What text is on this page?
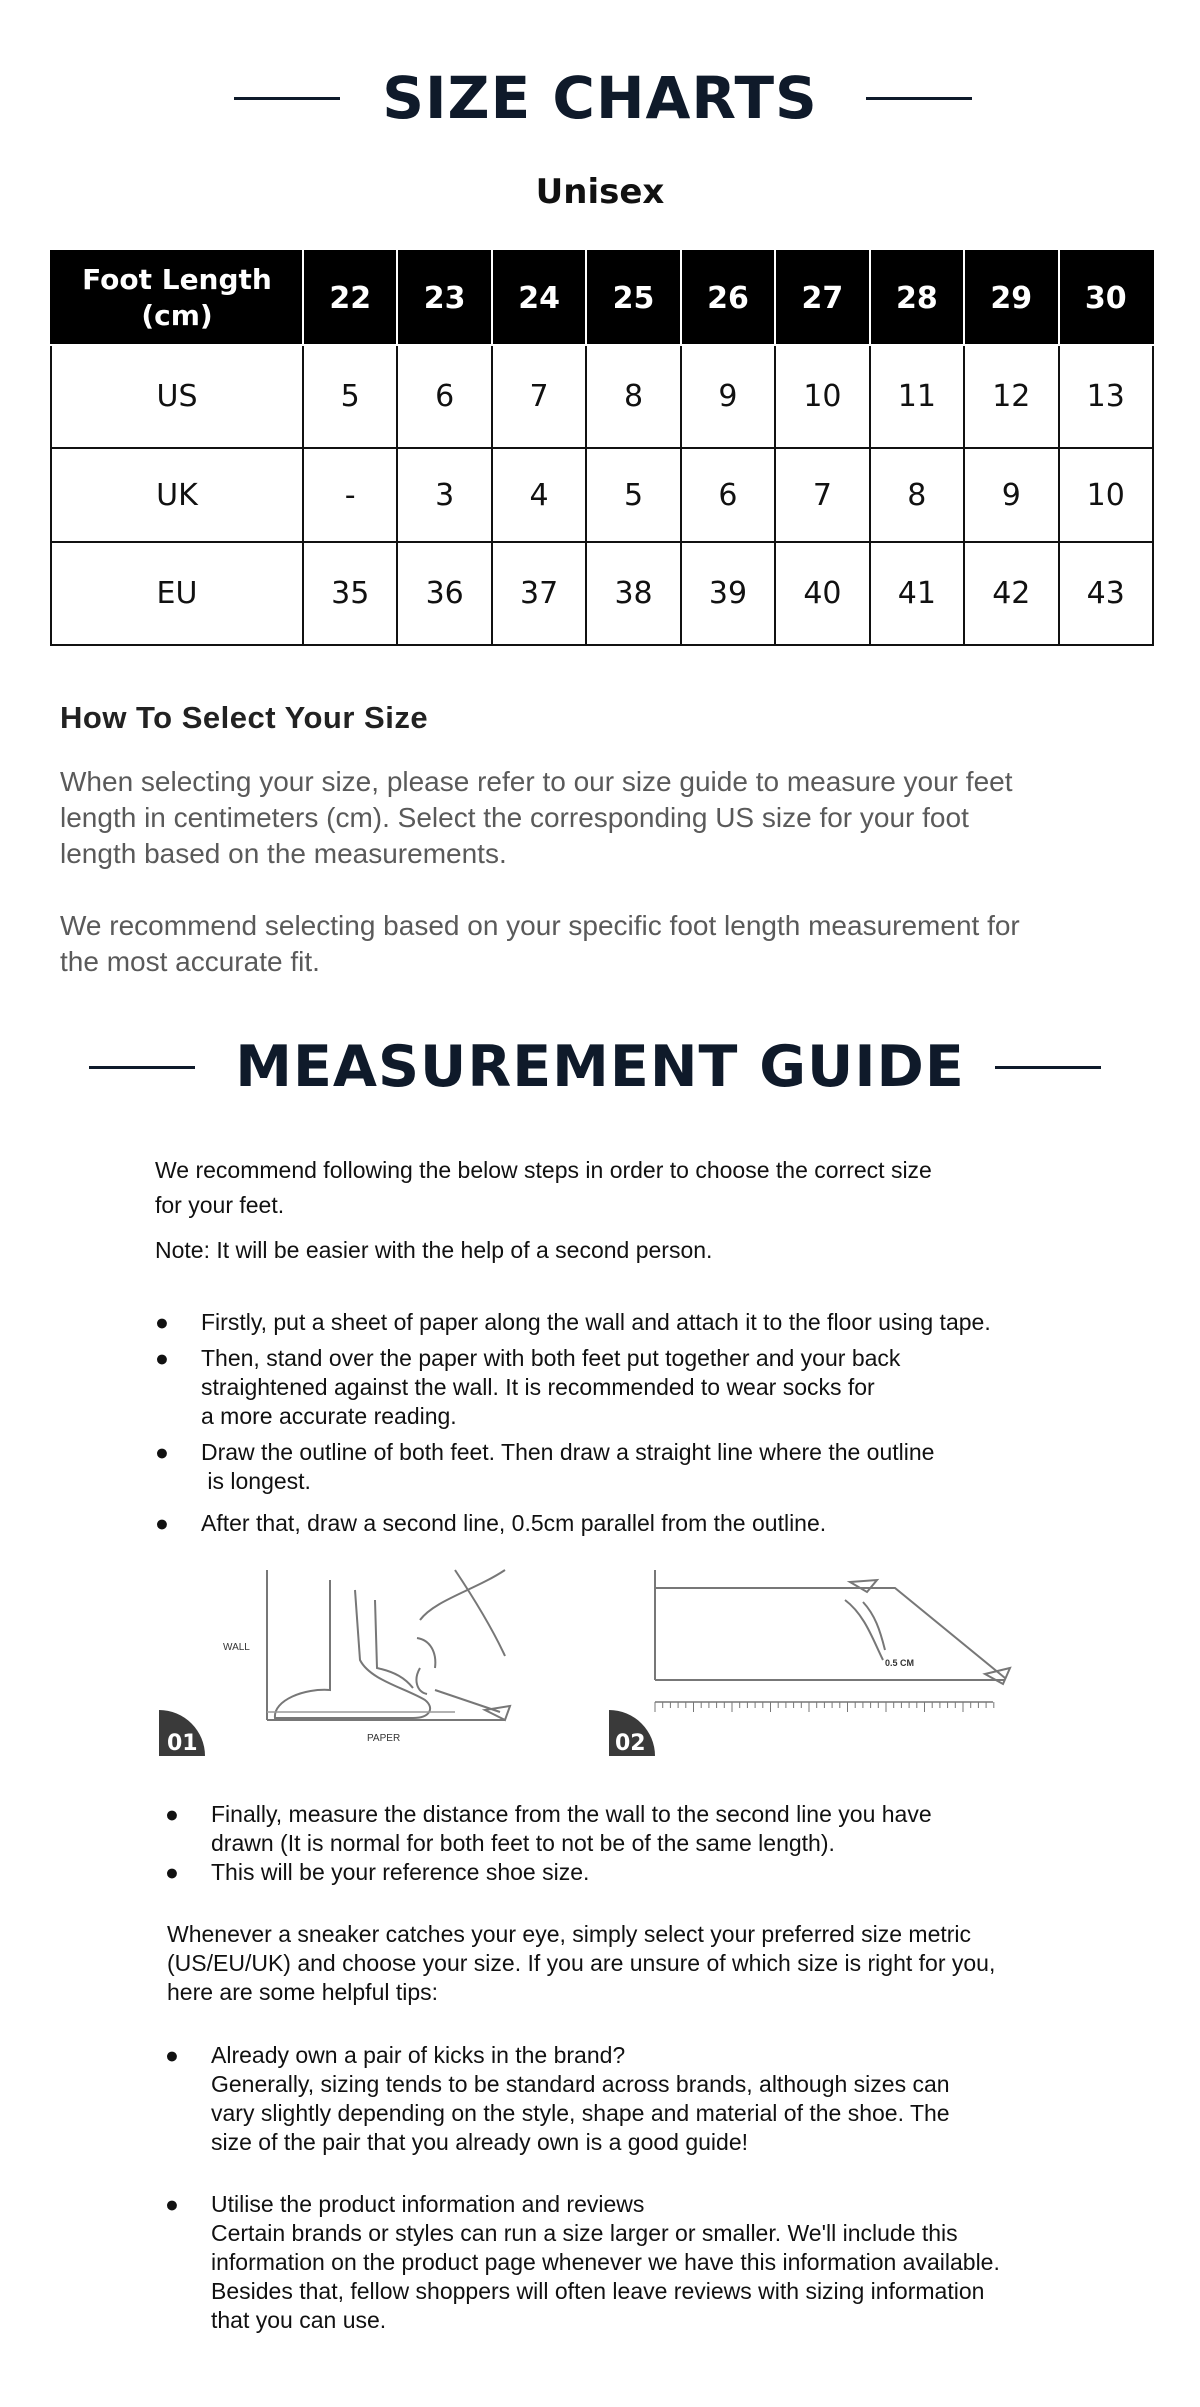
SIZE CHARTS
Unisex
Foot Length
(cm)	22	23	24	25	26	27	28	29	30
US	5	6	7	8	9	10	11	12	13
UK	-	3	4	5	6	7	8	9	10
EU	35	36	37	38	39	40	41	42	43
How To Select Your Size

When selecting your size, please refer to our size guide to measure your feet
length in centimeters (cm). Select the corresponding US size for your foot
length based on the measurements.

We recommend selecting based on your specific foot length measurement for
the most accurate fit.

MEASUREMENT GUIDE

We recommend following the below steps in order to choose the correct size
for your feet.

Note: It will be easier with the help of a second person.

● Firstly, put a sheet of paper along the wall and attach it to the floor using tape.
● Then, stand over the paper with both feet put together and your back
straightened against the wall. It is recommended to wear socks for
a more accurate reading.
● Draw the outline of both feet. Then draw a straight line where the outline
is longest.
● After that, draw a second line, 0.5cm parallel from the outline.
WALL
PAPER
01
0.5 CM
02
● Finally, measure the distance from the wall to the second line you have
drawn (It is normal for both feet to not be of the same length).
● This will be your reference shoe size.

Whenever a sneaker catches your eye, simply select your preferred size metric
(US/EU/UK) and choose your size. If you are unsure of which size is right for you,
here are some helpful tips:

● Already own a pair of kicks in the brand?
Generally, sizing tends to be standard across brands, although sizes can
vary slightly depending on the style, shape and material of the shoe. The
size of the pair that you already own is a good guide!
● Utilise the product information and reviews
Certain brands or styles can run a size larger or smaller. We'll include this
information on the product page whenever we have this information available.
Besides that, fellow shoppers will often leave reviews with sizing information
that you can use.
